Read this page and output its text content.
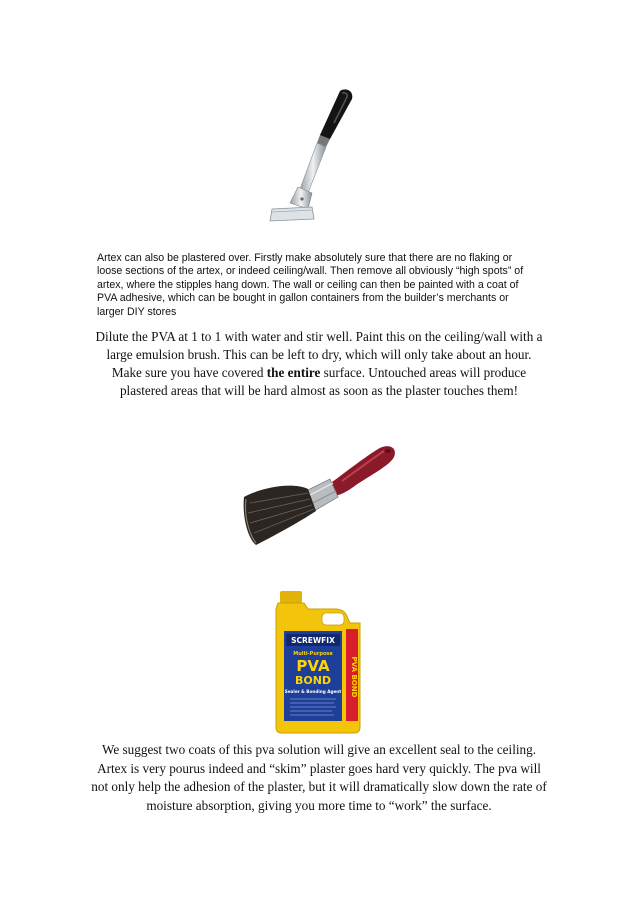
Artex can also be plastered over. Firstly make absolutely sure that there are no flaking or
loose sections of the artex, or indeed ceiling/wall. Then remove all obviously “high spots” of
artex, where the stipples hang down. The wall or ceiling can then be painted with a coat of
PVA adhesive, which can be bought in gallon containers from the builder’s merchants or
larger DIY stores
Dilute the PVA at 1 to 1 with water and stir well. Paint this on the ceiling/wall with a
large emulsion brush. This can be left to dry, which will only take about an hour.
Make sure you have covered the entire surface. Untouched areas will produce
plastered areas that will be hard almost as soon as the plaster touches them!
PVA BOND
SCREWFIX
Multi-Purpose
PVA
BOND
Sealer & Bonding Agent
We suggest two coats of this pva solution will give an excellent seal to the ceiling.
Artex is very pourus indeed and “skim” plaster goes hard very quickly. The pva will
not only help the adhesion of the plaster, but it will dramatically slow down the rate of
moisture absorption, giving you more time to “work” the surface.
